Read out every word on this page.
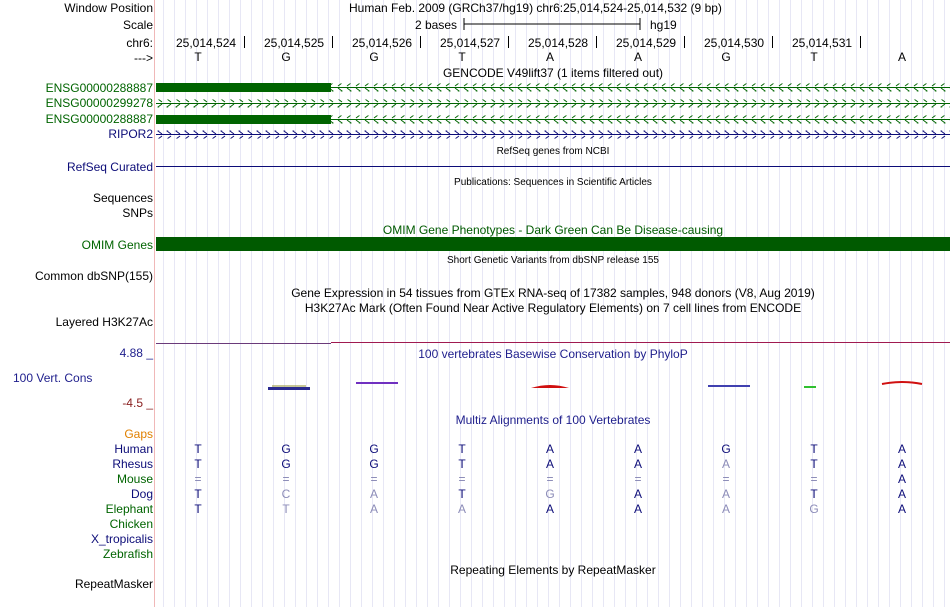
Window Position	Human Feb. 2009 (GRCh37/hg19) chr6:25,014,524-25,014,532 (9 bp)
Scale	2 bases	hg19
chr6: 25,014,524 25,014,525 25,014,526 25,014,527 25,014,528 25,014,529 25,014,530 25,014,531
--->	T	G	G	T	A	A	G	T	A
GENCODE V49lift37 (1 items filtered out)
ENSG00000288887
ENSG00000299278
ENSG00000288887
RIPOR2
RefSeq genes from NCBI
RefSeq Curated
Publications: Sequences in Scientific Articles
Sequences
SNPs
OMIM Gene Phenotypes - Dark Green Can Be Disease-causing
OMIM Genes
Short Genetic Variants from dbSNP release 155
Common dbSNP(155)
Gene Expression in 54 tissues from GTEx RNA-seq of 17382 samples, 948 donors (V8, Aug 2019)
H3K27Ac Mark (Often Found Near Active Regulatory Elements) on 7 cell lines from ENCODE
Layered H3K27Ac
100 vertebrates Basewise Conservation by PhyloP
4.88 _
100 Vert. Cons
-4.5 _
Multiz Alignments of 100 Vertebrates
Gaps
Human	T	G	G	T	A	A	G	T	A
Rhesus	T	G	G	T	A	A	A	T	A
Mouse	=	=	=	=	=	=	=	=	A
Dog	T	C	A	T	G	A	A	T	A
Elephant	T	T	A	A	A	A	A	G	A
Chicken
X_tropicalis
Zebrafish
Repeating Elements by RepeatMasker
RepeatMasker
